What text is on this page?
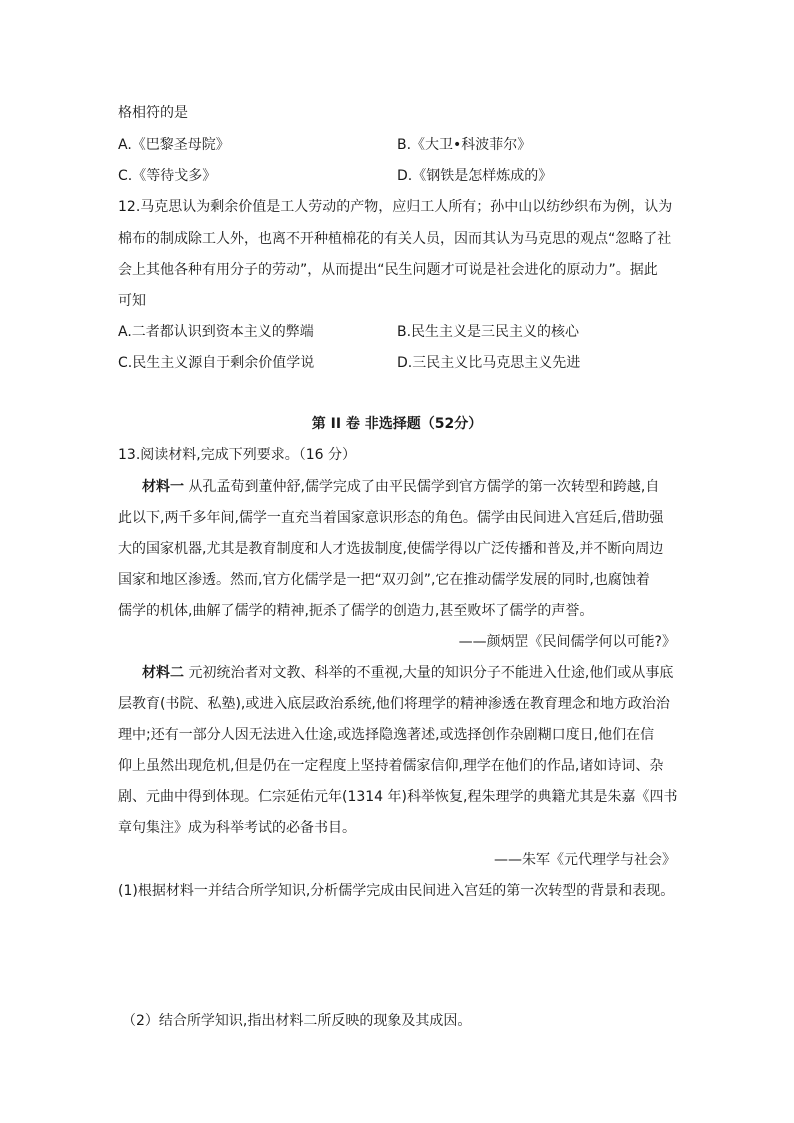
格相符的是
A.《巴黎圣母院》	B.《大卫•科波菲尔》
C.《等待戈多》	D.《钢铁是怎样炼成的》
12.马克思认为剩余价值是工人劳动的产物，应归工人所有；孙中山以纺纱织布为例，认为
棉布的制成除工人外，也离不开种植棉花的有关人员，因而其认为马克思的观点“忽略了社
会上其他各种有用分子的劳动”，从而提出“民生问题才可说是社会进化的原动力”。据此
可知
A.二者都认识到资本主义的弊端	B.民生主义是三民主义的核心
C.民生主义源自于剩余价值学说	D.三民主义比马克思主义先进
第 II 卷 非选择题（52分）
13.阅读材料,完成下列要求。（16 分）
材料一 从孔孟荀到董仲舒,儒学完成了由平民儒学到官方儒学的第一次转型和跨越,自
此以下,两千多年间,儒学一直充当着国家意识形态的角色。儒学由民间进入宫廷后,借助强
大的国家机器,尤其是教育制度和人才选拔制度,使儒学得以广泛传播和普及,并不断向周边
国家和地区渗透。然而,官方化儒学是一把“双刃剑”,它在推动儒学发展的同时,也腐蚀着
儒学的机体,曲解了儒学的精神,扼杀了儒学的创造力,甚至败坏了儒学的声誉。
——颜炳罡《民间儒学何以可能?》
材料二 元初统治者对文教、科举的不重视,大量的知识分子不能进入仕途,他们或从事底
层教育(书院、私塾),或进入底层政治系统,他们将理学的精神渗透在教育理念和地方政治治
理中;还有一部分人因无法进入仕途,或选择隐逸著述,或选择创作杂剧糊口度日,他们在信
仰上虽然出现危机,但是仍在一定程度上坚持着儒家信仰,理学在他们的作品,诸如诗词、杂
剧、元曲中得到体现。仁宗延佑元年(1314 年)科举恢复,程朱理学的典籍尤其是朱嘉《四书
章句集注》成为科举考试的必备书目。
——朱军《元代理学与社会》
(1)根据材料一并结合所学知识,分析儒学完成由民间进入宫廷的第一次转型的背景和表现。
（2）结合所学知识,指出材料二所反映的现象及其成因。
